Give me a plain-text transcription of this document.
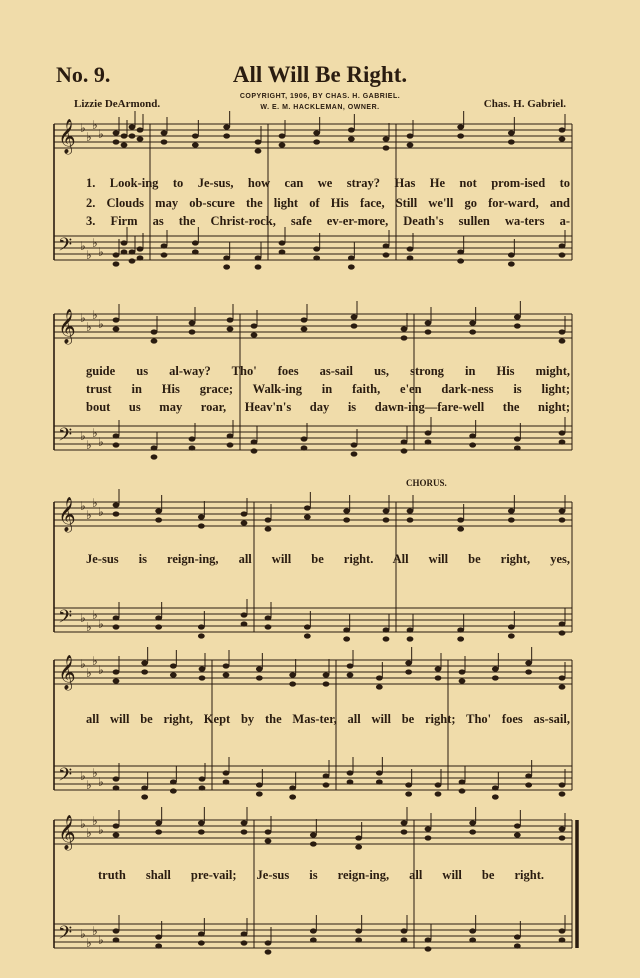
𝄞 ♭
♭
♭
♭
𝄢 ♭
♭
♭
♭
𝄞 ♭
♭
♭
♭
𝄢 ♭
♭
♭
♭
𝄞 ♭
♭
♭
♭
𝄢 ♭
♭
♭
♭
𝄞 ♭
♭
♭
♭
𝄢 ♭
♭
♭
♭
𝄞 ♭
♭
♭
♭
𝄢 ♭
♭
♭
♭
No. 9.	All Will Be Right.
Lizzie DeArmond.	Chas. H. Gabriel.
COPYRIGHT, 1906, BY CHAS. H. GABRIEL.
W. E. M. HACKLEMAN, OWNER.
1. Look-ing to Je-sus, how can we stray? Has He not prom-ised to
2. Clouds may ob-scure the light of His face, Still we'll go for-ward, and
3. Firm as the Christ-rock, safe ev-er-more, Death's sullen wa-ters a-
guide us al-way? Tho' foes as-sail us, strong in His might,
trust in His grace; Walk-ing in faith, e'en dark-ness is light;
bout us may roar, Heav'n's day is dawn-ing—fare-well the night;
CHORUS.
Je-sus is reign-ing, all will be right. All will be right, yes,
all will be right, Kept by the Mas-ter, all will be right; Tho' foes as-sail,
truth shall pre-vail; Je-sus is reign-ing, all will be right.
